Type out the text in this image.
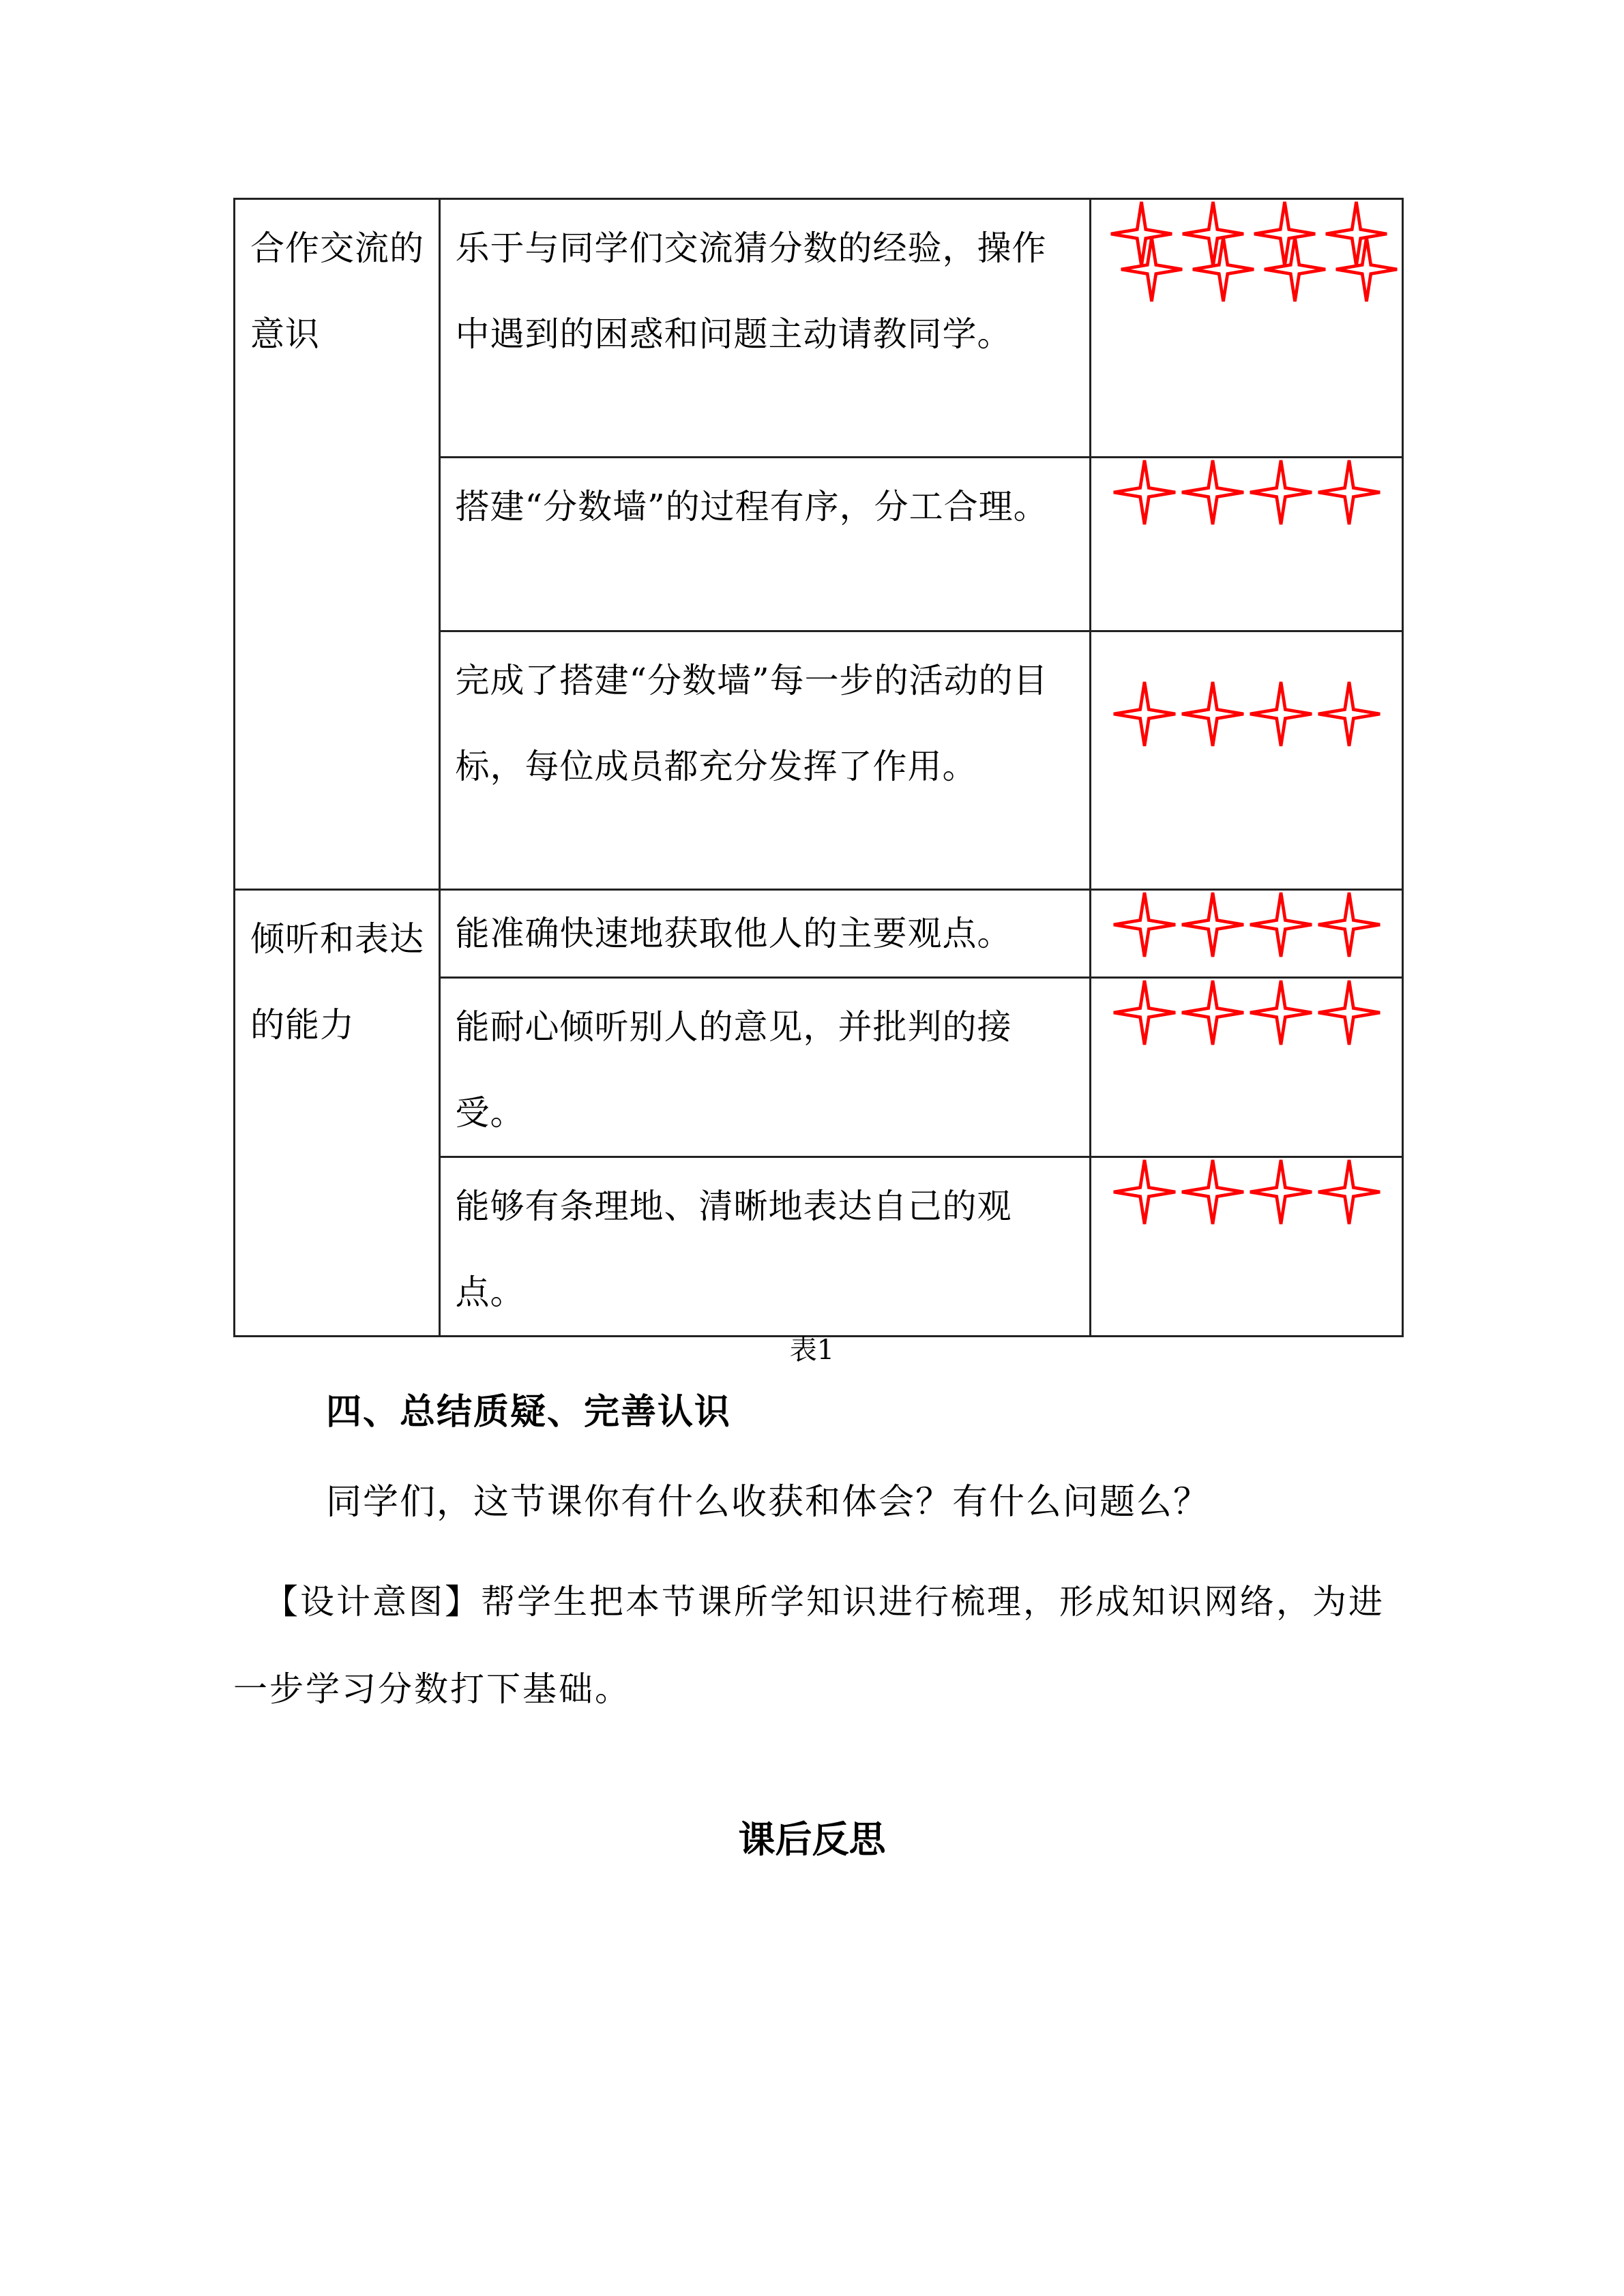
合作交流的意识	乐于与同学们交流猜分数的经验，操作中遇到的困惑和问题主动请教同学。

	搭建“分数墙”的过程有序，分工合理。

	完成了搭建“分数墙”每一步的活动的目标，每位成员都充分发挥了作用。

倾听和表达的能力	能准确快速地获取他人的主要观点。

	能耐心倾听别人的意见，并批判的接受。

	能够有条理地、清晰地表达自己的观点。

表1
四、总结质疑、完善认识
同学们，这节课你有什么收获和体会？有什么问题么？
【设计意图】帮学生把本节课所学知识进行梳理，形成知识网络，为进一步学习分数打下基础。
课后反思
